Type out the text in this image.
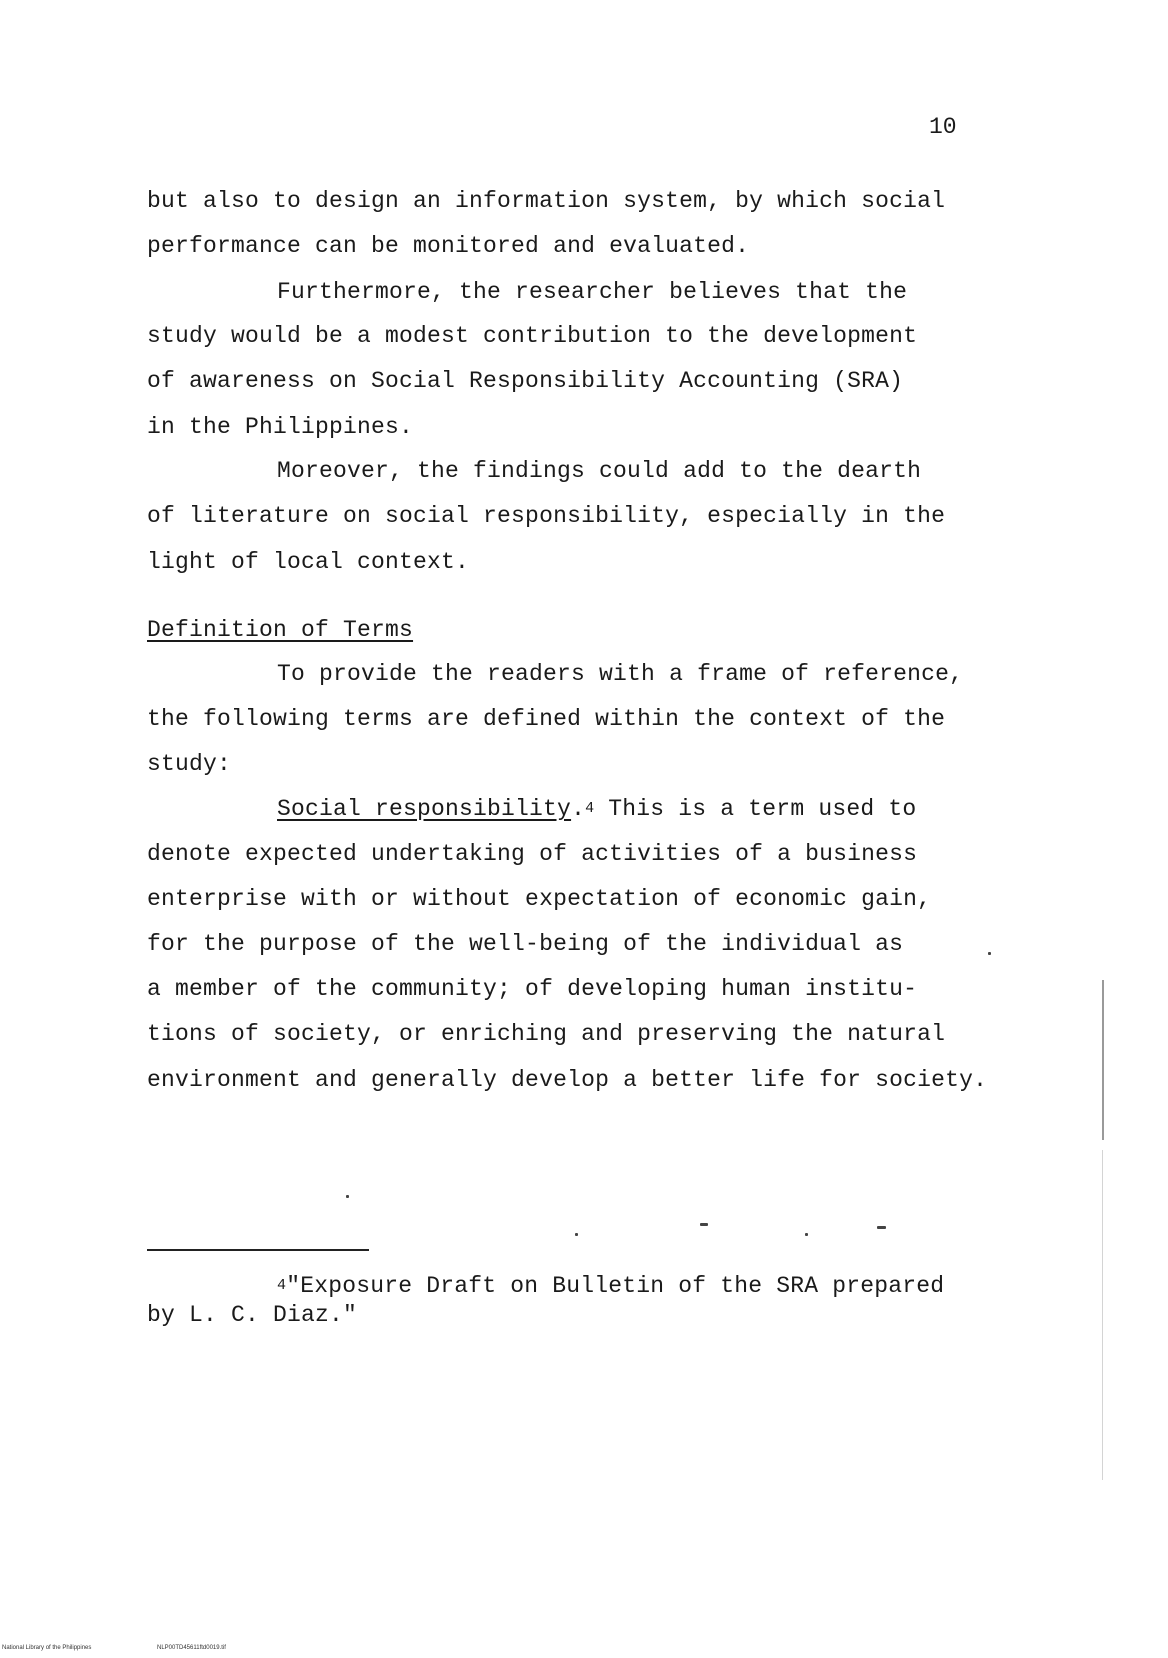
10
but also to design an information system, by which social
performance can be monitored and evaluated.
Furthermore, the researcher believes that the
study would be a modest contribution to the development
of awareness on Social Responsibility Accounting (SRA)
in the Philippines.
Moreover, the findings could add to the dearth
of literature on social responsibility, especially in the
light of local context.
Definition of Terms
To provide the readers with a frame of reference,
the following terms are defined within the context of the
study:
Social responsibility.$^4$ This is a term used to
denote expected undertaking of activities of a business
enterprise with or without expectation of economic gain,
for the purpose of the well-being of the individual as
a member of the community; of developing human institu-
tions of society, or enriching and preserving the natural
environment and generally develop a better life for society.
$^4$"Exposure Draft on Bulletin of the SRA prepared
by L. C. Diaz."
National Library of the Philippines	NLP00TD45611ftd0019.tif
